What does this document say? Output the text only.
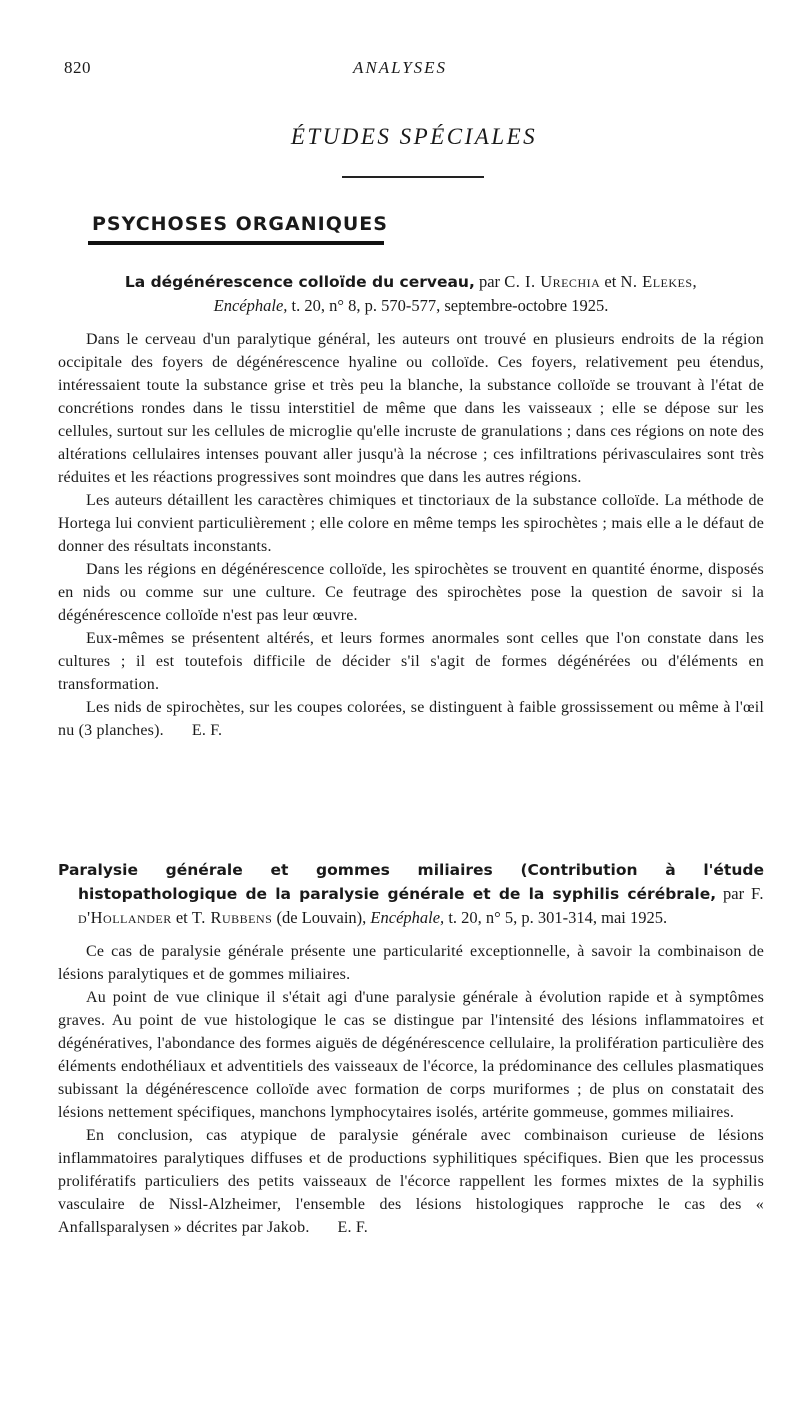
820	ANALYSES
ÉTUDES SPÉCIALES
PSYCHOSES ORGANIQUES

La dégénérescence colloïde du cerveau, par C. I. Urechia et N. Elekes,
Encéphale, t. 20, n° 8, p. 570-577, septembre-octobre 1925.

Dans le cerveau d'un paralytique général, les auteurs ont trouvé en plusieurs endroits de la région occipitale des foyers de dégénérescence hyaline ou colloïde. Ces foyers, relativement peu étendus, intéressaient toute la substance grise et très peu la blanche, la substance colloïde se trouvant à l'état de concrétions rondes dans le tissu interstitiel de même que dans les vaisseaux ; elle se dépose sur les cellules, surtout sur les cellules de microglie qu'elle incruste de granulations ; dans ces régions on note des altérations cellulaires intenses pouvant aller jusqu'à la nécrose ; ces infiltrations périvasculaires sont très réduites et les réactions progressives sont moindres que dans les autres régions.

Les auteurs détaillent les caractères chimiques et tinctoriaux de la substance colloïde. La méthode de Hortega lui convient particulièrement ; elle colore en même temps les spirochètes ; mais elle a le défaut de donner des résultats inconstants.

Dans les régions en dégénérescence colloïde, les spirochètes se trouvent en quantité énorme, disposés en nids ou comme sur une culture. Ce feutrage des spirochètes pose la question de savoir si la dégénérescence colloïde n'est pas leur œuvre.

Eux-mêmes se présentent altérés, et leurs formes anormales sont celles que l'on constate dans les cultures ; il est toutefois difficile de décider s'il s'agit de formes dégénérées ou d'éléments en transformation.

Les nids de spirochètes, sur les coupes colorées, se distinguent à faible grossissement ou même à l'œil nu (3 planches). E. F.

Paralysie générale et gommes miliaires (Contribution à l'étude histopathologique de la paralysie générale et de la syphilis cérébrale, par F. d'Hollander et T. Rubbens (de Louvain), Encéphale, t. 20, n° 5, p. 301-314, mai 1925.

Ce cas de paralysie générale présente une particularité exceptionnelle, à savoir la combinaison de lésions paralytiques et de gommes miliaires.

Au point de vue clinique il s'était agi d'une paralysie générale à évolution rapide et à symptômes graves. Au point de vue histologique le cas se distingue par l'intensité des lésions inflammatoires et dégénératives, l'abondance des formes aiguës de dégénérescence cellulaire, la prolifération particulière des éléments endothéliaux et adventitiels des vaisseaux de l'écorce, la prédominance des cellules plasmatiques subissant la dégénérescence colloïde avec formation de corps muriformes ; de plus on constatait des lésions nettement spécifiques, manchons lymphocytaires isolés, artérite gommeuse, gommes miliaires.

En conclusion, cas atypique de paralysie générale avec combinaison curieuse de lésions inflammatoires paralytiques diffuses et de productions syphilitiques spécifiques. Bien que les processus prolifératifs particuliers des petits vaisseaux de l'écorce rappellent les formes mixtes de la syphilis vasculaire de Nissl-Alzheimer, l'ensemble des lésions histologiques rapproche le cas des « Anfallsparalysen » décrites par Jakob. E. F.
